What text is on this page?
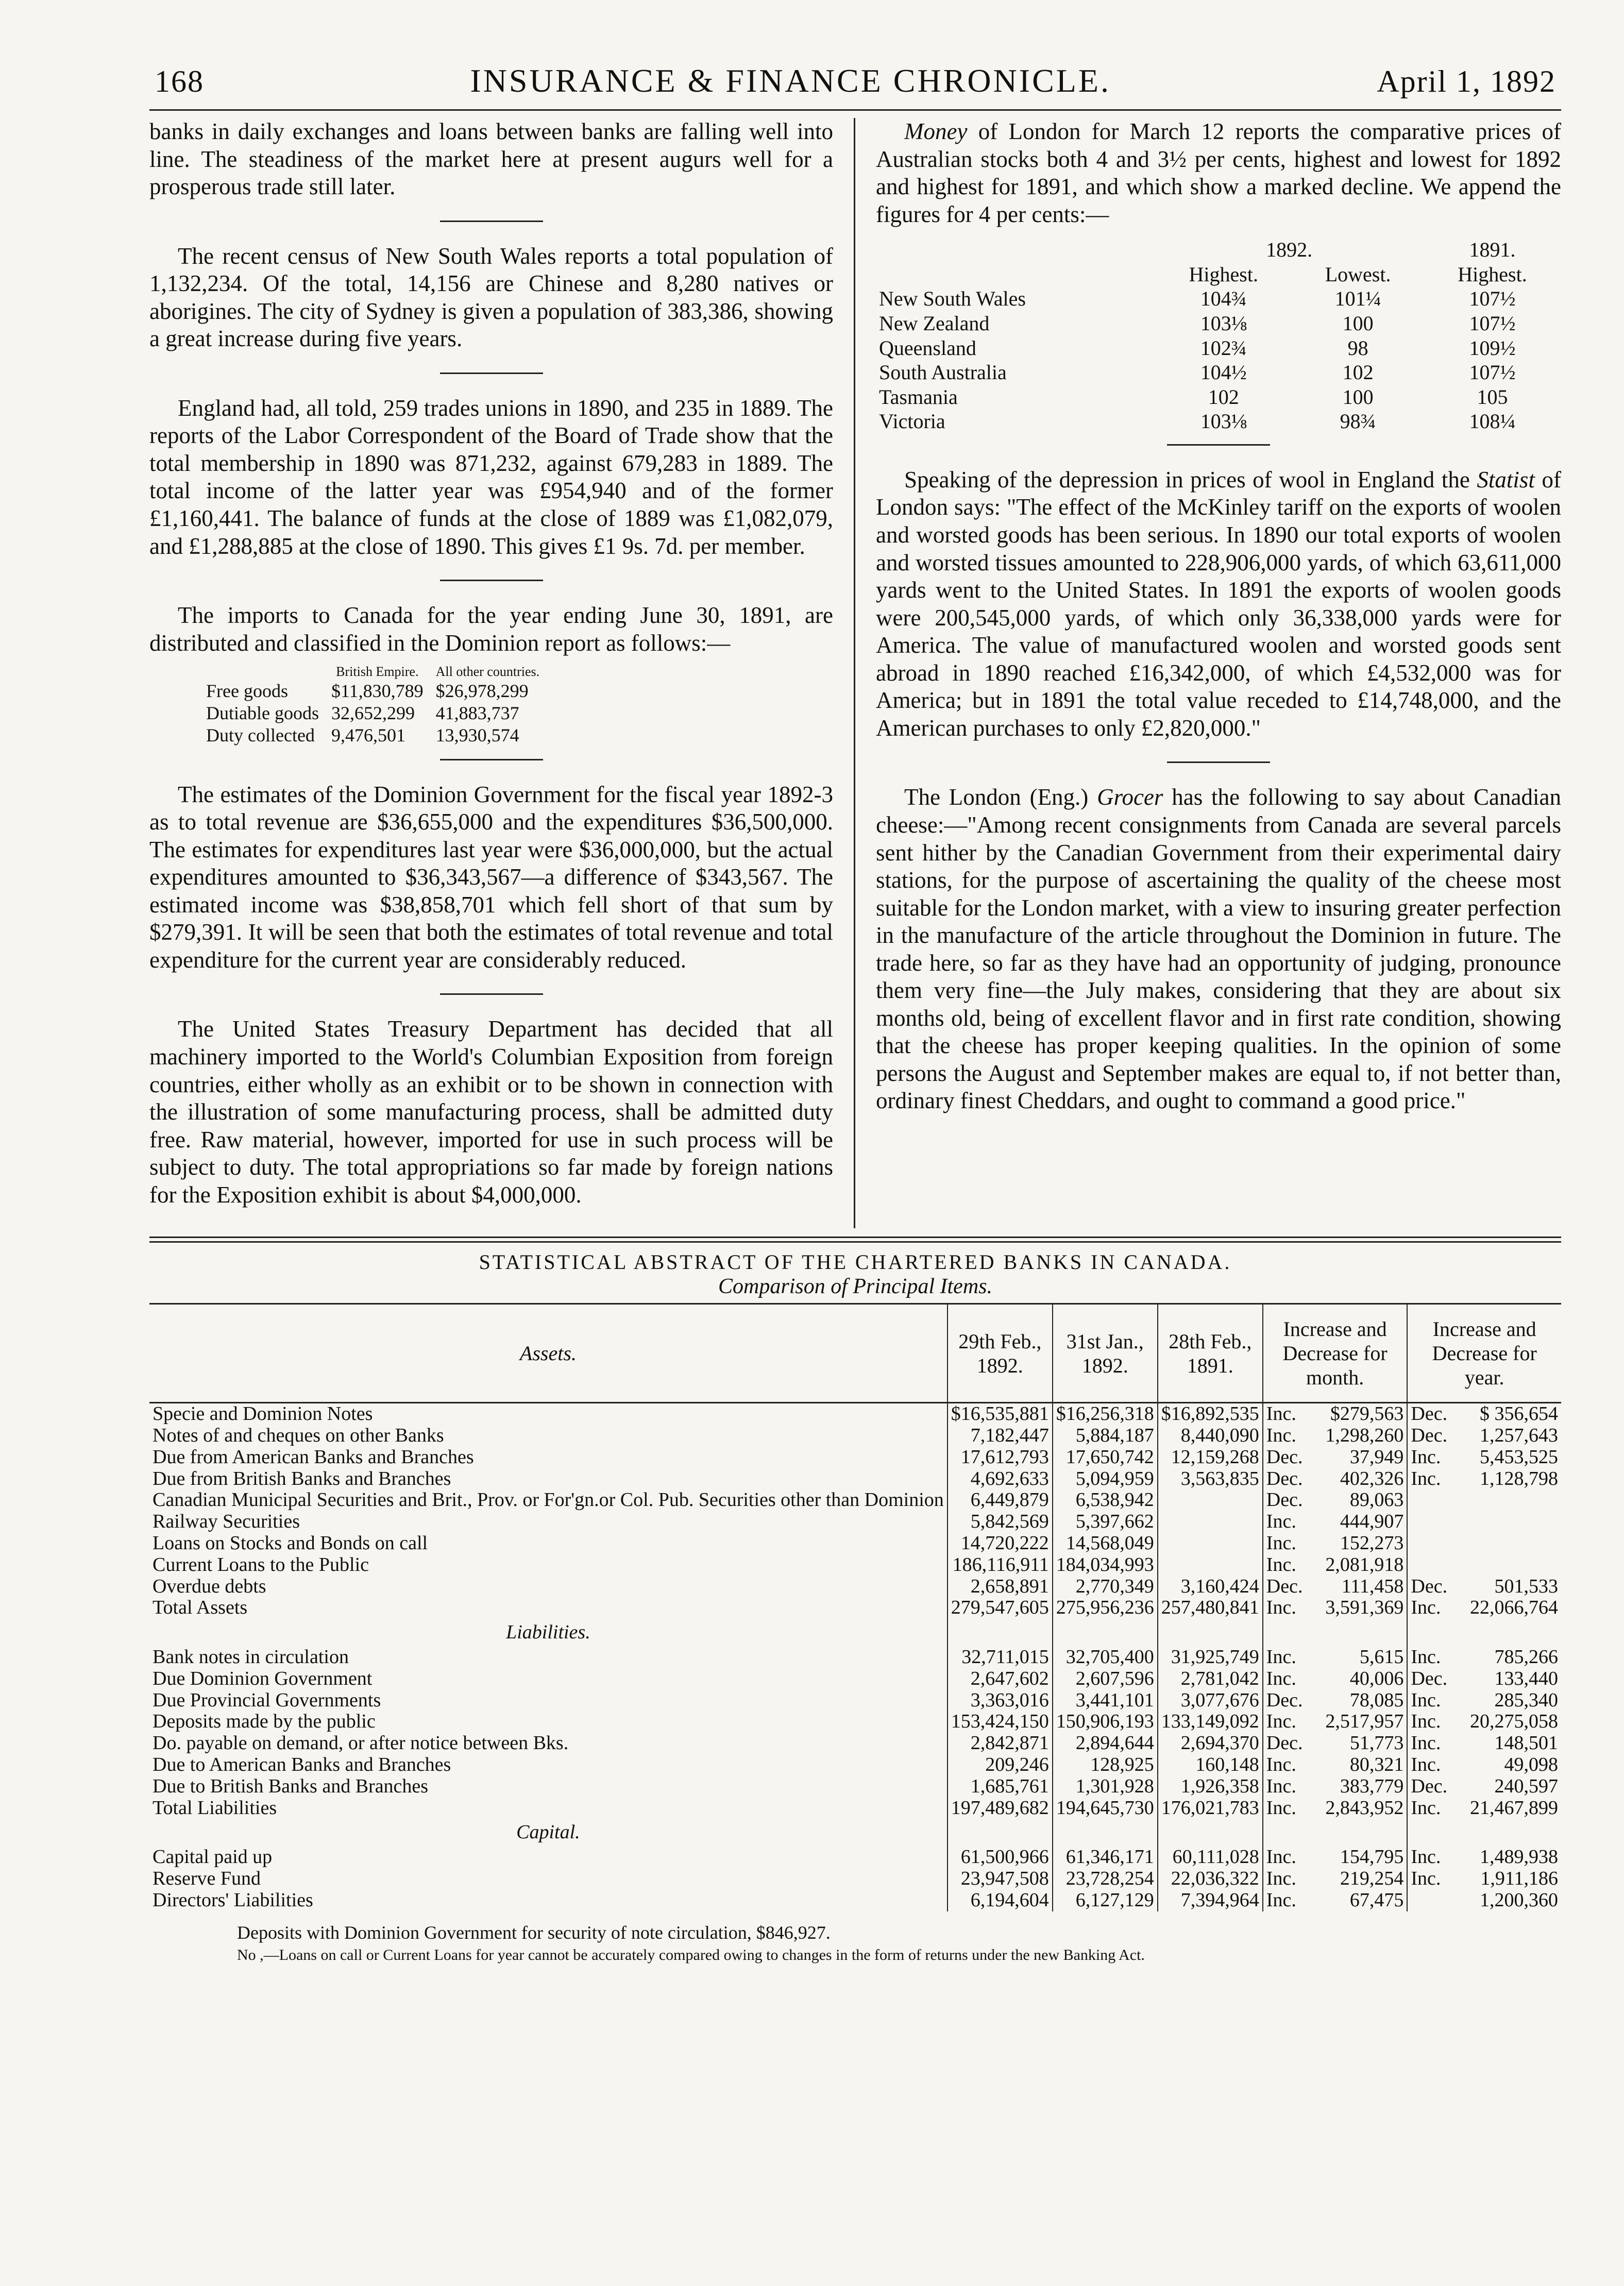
168	INSURANCE & FINANCE CHRONICLE.	April 1, 1892

banks in daily exchanges and loans between banks are falling well into line. The steadiness of the market here at present augurs well for a prosperous trade still later.

The recent census of New South Wales reports a total population of 1,132,234. Of the total, 14,156 are Chinese and 8,280 natives or aborigines. The city of Sydney is given a population of 383,386, showing a great increase during five years.

England had, all told, 259 trades unions in 1890, and 235 in 1889. The reports of the Labor Correspondent of the Board of Trade show that the total membership in 1890 was 871,232, against 679,283 in 1889. The total income of the latter year was £954,940 and of the former £1,160,441. The balance of funds at the close of 1889 was £1,082,079, and £1,288,885 at the close of 1890. This gives £1 9s. 7d. per member.

The imports to Canada for the year ending June 30, 1891, are distributed and classified in the Dominion report as follows:—

	British Empire.	All other countries.
Free goods	$11,830,789	$26,978,299
Dutiable goods	32,652,299	41,883,737
Duty collected	9,476,501	13,930,574

The estimates of the Dominion Government for the fiscal year 1892-3 as to total revenue are $36,655,000 and the expenditures $36,500,000. The estimates for expenditures last year were $36,000,000, but the actual expenditures amounted to $36,343,567—a difference of $343,567. The estimated income was $38,858,701 which fell short of that sum by $279,391. It will be seen that both the estimates of total revenue and total expenditure for the current year are considerably reduced.

The United States Treasury Department has decided that all machinery imported to the World's Columbian Exposition from foreign countries, either wholly as an exhibit or to be shown in connection with the illustration of some manufacturing process, shall be admitted duty free. Raw material, however, imported for use in such process will be subject to duty. The total appropriations so far made by foreign nations for the Exposition exhibit is about $4,000,000.

Money of London for March 12 reports the comparative prices of Australian stocks both 4 and 3½ per cents, highest and lowest for 1892 and highest for 1891, and which show a marked decline. We append the figures for 4 per cents:—

	1892.		1891.
	Highest.	Lowest.	Highest.
New South Wales	104¾	101¼	107½
New Zealand	103⅛	100	107½
Queensland	102¾	98	109½
South Australia	104½	102	107½
Tasmania	102	100	105
Victoria	103⅛	98¾	108¼

Speaking of the depression in prices of wool in England the Statist of London says: "The effect of the McKinley tariff on the exports of woolen and worsted goods has been serious. In 1890 our total exports of woolen and worsted tissues amounted to 228,906,000 yards, of which 63,611,000 yards went to the United States. In 1891 the exports of woolen goods were 200,545,000 yards, of which only 36,338,000 yards were for America. The value of manufactured woolen and worsted goods sent abroad in 1890 reached £16,342,000, of which £4,532,000 was for America; but in 1891 the total value receded to £14,748,000, and the American purchases to only £2,820,000."

The London (Eng.) Grocer has the following to say about Canadian cheese:—"Among recent consignments from Canada are several parcels sent hither by the Canadian Government from their experimental dairy stations, for the purpose of ascertaining the quality of the cheese most suitable for the London market, with a view to insuring greater perfection in the manufacture of the article throughout the Dominion in future. The trade here, so far as they have had an opportunity of judging, pronounce them very fine—the July makes, considering that they are about six months old, being of excellent flavor and in first rate condition, showing that the cheese has proper keeping qualities. In the opinion of some persons the August and September makes are equal to, if not better than, ordinary finest Cheddars, and ought to command a good price."

STATISTICAL ABSTRACT OF THE CHARTERED BANKS IN CANADA.
Comparison of Principal Items.
Assets.	29th Feb., 1892.	31st Jan., 1892.	28th Feb., 1891.	Increase and Decrease for month.		Increase and Decrease for year.	
Specie and Dominion Notes	$16,535,881	$16,256,318	$16,892,535	Inc.	$279,563	Dec.	$ 356,654
Notes of and cheques on other Banks	7,182,447	5,884,187	8,440,090	Inc.	1,298,260	Dec.	1,257,643
Due from American Banks and Branches	17,612,793	17,650,742	12,159,268	Dec.	37,949	Inc.	5,453,525
Due from British Banks and Branches	4,692,633	5,094,959	3,563,835	Dec.	402,326	Inc.	1,128,798
Canadian Municipal Securities and Brit., Prov. or For'gn.or Col. Pub. Securities other than Dominion	6,449,879	6,538,942		Dec.	89,063		
Railway Securities	5,842,569	5,397,662		Inc.	444,907		
Loans on Stocks and Bonds on call	14,720,222	14,568,049		Inc.	152,273		
Current Loans to the Public	186,116,911	184,034,993		Inc.	2,081,918		
Overdue debts	2,658,891	2,770,349	3,160,424	Dec.	111,458	Dec.	501,533
Total Assets	279,547,605	275,956,236	257,480,841	Inc.	3,591,369	Inc.	22,066,764
Liabilities.							
Bank notes in circulation	32,711,015	32,705,400	31,925,749	Inc.	5,615	Inc.	785,266
Due Dominion Government	2,647,602	2,607,596	2,781,042	Inc.	40,006	Dec.	133,440
Due Provincial Governments	3,363,016	3,441,101	3,077,676	Dec.	78,085	Inc.	285,340
Deposits made by the public	153,424,150	150,906,193	133,149,092	Inc.	2,517,957	Inc.	20,275,058
Do. payable on demand, or after notice between Bks.	2,842,871	2,894,644	2,694,370	Dec.	51,773	Inc.	148,501
Due to American Banks and Branches	209,246	128,925	160,148	Inc.	80,321	Inc.	49,098
Due to British Banks and Branches	1,685,761	1,301,928	1,926,358	Inc.	383,779	Dec.	240,597
Total Liabilities	197,489,682	194,645,730	176,021,783	Inc.	2,843,952	Inc.	21,467,899
Capital.							
Capital paid up	61,500,966	61,346,171	60,111,028	Inc.	154,795	Inc.	1,489,938
Reserve Fund	23,947,508	23,728,254	22,036,322	Inc.	219,254	Inc.	1,911,186
Directors' Liabilities	6,194,604	6,127,129	7,394,964	Inc.	67,475		1,200,360
Deposits with Dominion Government for security of note circulation, $846,927.
No ,—Loans on call or Current Loans for year cannot be accurately compared owing to changes in the form of returns under the new Banking Act.
